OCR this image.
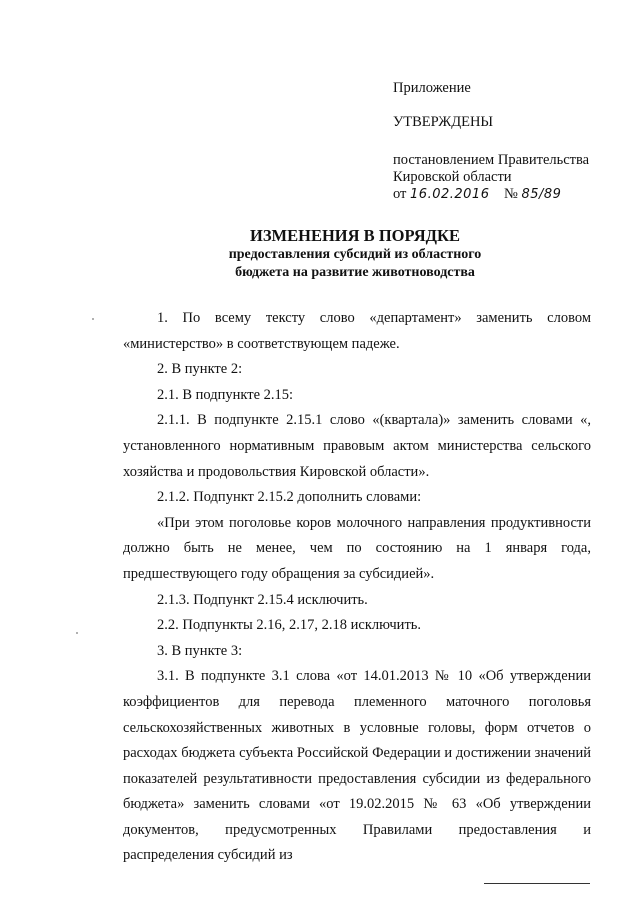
Приложение
УТВЕРЖДЕНЫ
постановлением Правительства
Кировской области
от 16.02.2016 № 85/89
ИЗМЕНЕНИЯ В ПОРЯДКЕ
предоставления субсидий из областного
бюджета на развитие животноводства

1. По всему тексту слово «департамент» заменить словом «министерство» в соответствующем падеже.

2. В пункте 2:

2.1. В подпункте 2.15:

2.1.1. В подпункте 2.15.1 слово «(квартала)» заменить словами «, установленного нормативным правовым актом министерства сельского хозяйства и продовольствия Кировской области».

2.1.2. Подпункт 2.15.2 дополнить словами:

«При этом поголовье коров молочного направления продуктивности должно быть не менее, чем по состоянию на 1 января года, предшествующего году обращения за субсидией».

2.1.3. Подпункт 2.15.4 исключить.

2.2. Подпункты 2.16, 2.17, 2.18 исключить.

3. В пункте 3:

3.1. В подпункте 3.1 слова «от 14.01.2013 № 10 «Об утверждении коэффициентов для перевода племенного маточного поголовья сельскохозяйственных животных в условные головы, форм отчетов о расходах бюджета субъекта Российской Федерации и достижении значений показателей результативности предоставления субсидии из федерального бюджета» заменить словами «от 19.02.2015 № 63 «Об утверждении документов, предусмотренных Правилами предоставления и распределения субсидий из
